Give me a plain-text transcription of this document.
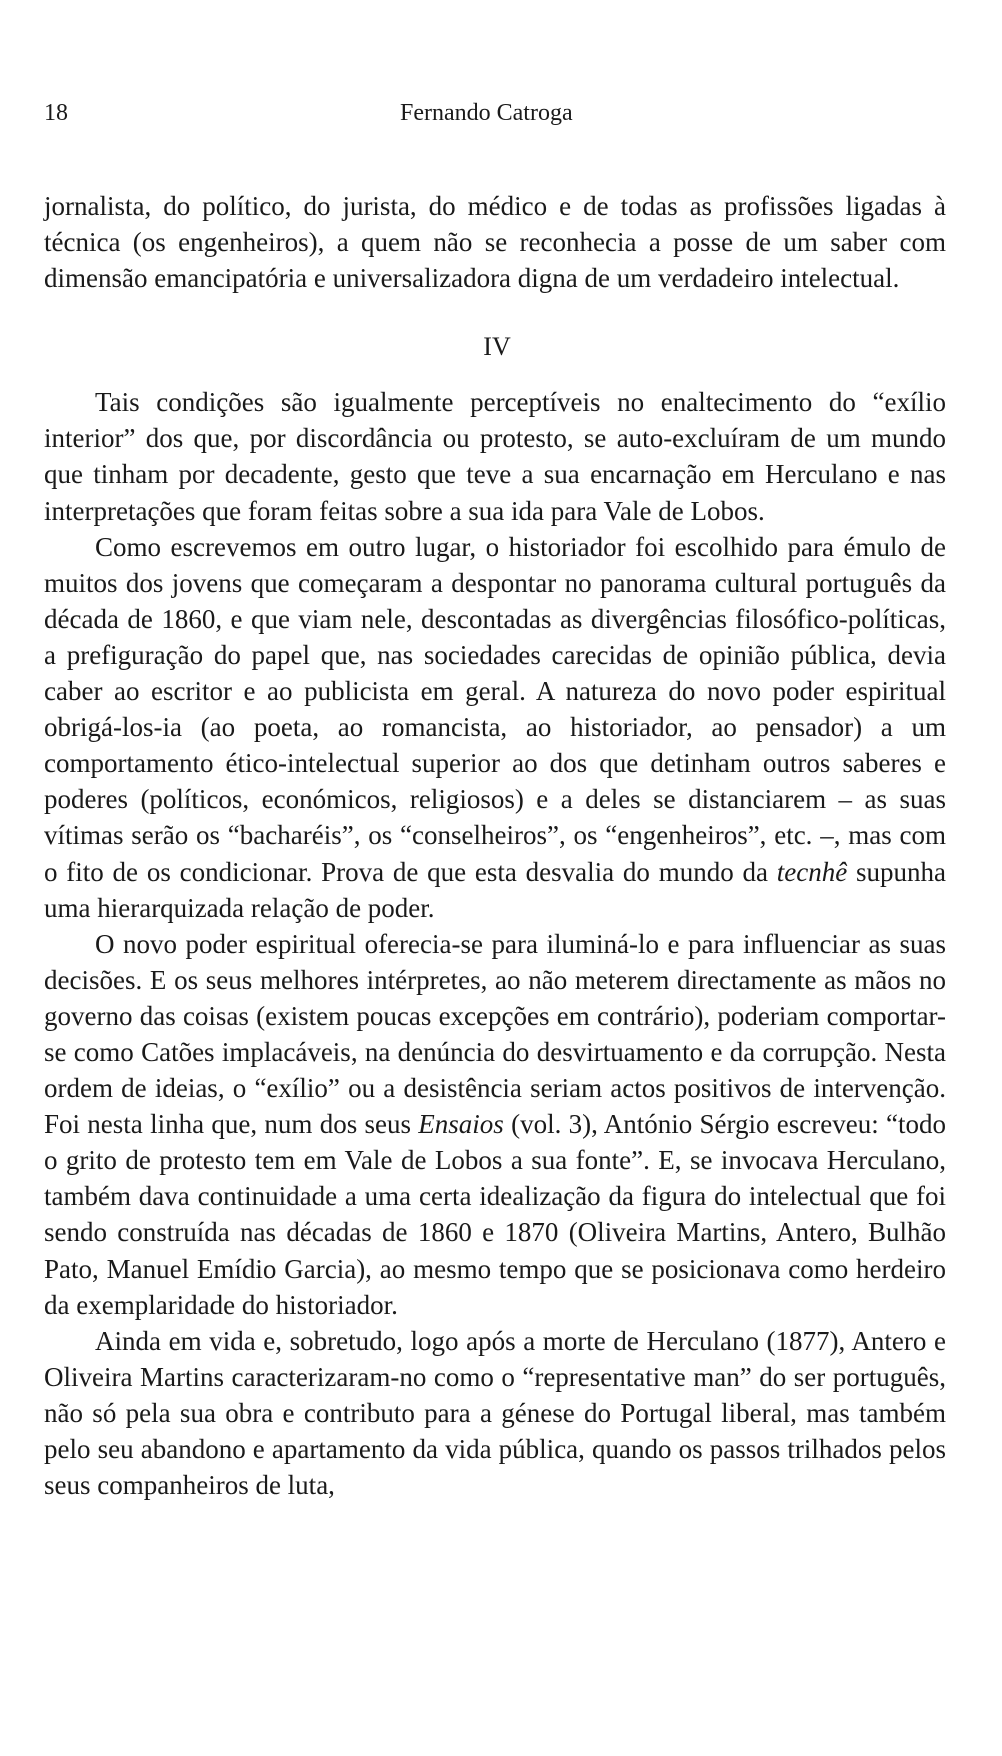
18	Fernando Catroga

jornalista, do político, do jurista, do médico e de todas as profissões ligadas à técnica (os engenheiros), a quem não se reconhecia a posse de um saber com dimensão emancipatória e universalizadora digna de um verdadeiro intelectual.

IV

Tais condições são igualmente perceptíveis no enaltecimento do “exílio interior” dos que, por discordância ou protesto, se auto-excluíram de um mundo que tinham por decadente, gesto que teve a sua encarnação em Herculano e nas interpretações que foram feitas sobre a sua ida para Vale de Lobos.

Como escrevemos em outro lugar, o historiador foi escolhido para émulo de muitos dos jovens que começaram a despontar no panorama cultural português da década de 1860, e que viam nele, descontadas as divergências filosófico-políticas, a prefiguração do papel que, nas sociedades carecidas de opinião pública, devia caber ao escritor e ao publicista em geral. A natureza do novo poder espiritual obrigá-los-ia (ao poeta, ao romancista, ao historiador, ao pensador) a um comportamento ético-intelectual superior ao dos que detinham outros saberes e poderes (políticos, económicos, religiosos) e a deles se distanciarem – as suas vítimas serão os “bacharéis”, os “conselheiros”, os “engenheiros”, etc. –, mas com o fito de os condicionar. Prova de que esta desvalia do mundo da tecnhê supunha uma hierarquizada relação de poder.

O novo poder espiritual oferecia-se para iluminá-lo e para influenciar as suas decisões. E os seus melhores intérpretes, ao não meterem directamente as mãos no governo das coisas (existem poucas excepções em contrário), poderiam comportar-se como Catões implacáveis, na denúncia do desvirtuamento e da corrupção. Nesta ordem de ideias, o “exílio” ou a desistência seriam actos positivos de intervenção. Foi nesta linha que, num dos seus Ensaios (vol. 3), António Sérgio escreveu: “todo o grito de protesto tem em Vale de Lobos a sua fonte”. E, se invocava Herculano, também dava continuidade a uma certa idealização da figura do intelectual que foi sendo construída nas décadas de 1860 e 1870 (Oliveira Martins, Antero, Bulhão Pato, Manuel Emídio Garcia), ao mesmo tempo que se posicionava como herdeiro da exemplaridade do historiador.

Ainda em vida e, sobretudo, logo após a morte de Herculano (1877), Antero e Oliveira Martins caracterizaram-no como o “representative man” do ser português, não só pela sua obra e contributo para a génese do Portugal liberal, mas também pelo seu abandono e apartamento da vida pública, quando os passos trilhados pelos seus companheiros de luta,
